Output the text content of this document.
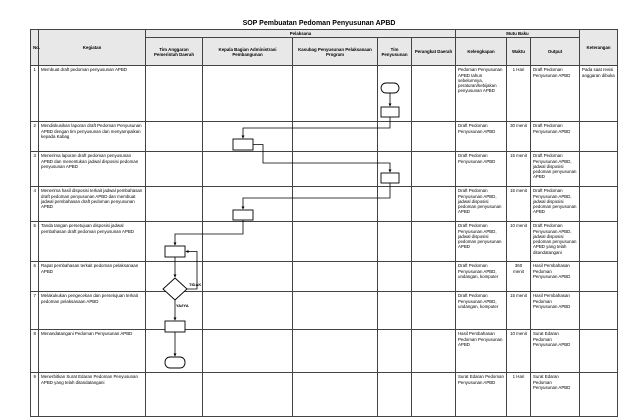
SOP Pembuatan Pedoman Penyusunan APBD
No.	Kegiatan	Pelaksana					Mutu Baku			Keterangan
		Tim Anggaran Pemerintah Daerah	Kepala Bagian Administrasi Pembangunan	Kasubag Penyusunan Pelaksanaan Program	Tim Penyusunan	Perangkat Daerah	Kelengkapan	Waktu	Output	
1	Membuat draft pedoman penyusunan APBD						Pedoman Penyusunan APBD tahun sebelumnya, peraturan/kebijakan penyusunan APBD	1 Hari	Draft Pedoman Penyusunan APBD	Pada saat revisi anggaran dibuka
2	Mendiskusikan laporan draft Pedoman Penyusunan APBD dengan tim penyusunan dan menyampaikan kepada Kabag						Draft Pedoman Penyusunan APBD	30 menit	Draft Pedoman Penyusunan APBD	
3	Menerima laporan draft pedoman penyusunan APBD dan menentukan jadwal disposisi pedoman penyusunan APBD						Draft Pedoman Penyusunan APBD	15 menit	Draft Pedoman Penyusunan APBD, jadwal disposisi pedoman penyusunan APBD	
4	Menerima hasil disposisi terkait jadwal pembahasan draft pedoman penyusunan APBD dan membuat jadwal pembahasan draft pedoman penyusunan APBD						Draft Pedoman Penyusunan APBD, jadwal disposisi pedoman penyusunan APBD	15 menit	Draft Pedoman Penyusunan APBD, jadwal disposisi pedoman penyusunan APBD	
5	Tanda tangan persetujuan disposisi jadwal pembahasan draft pedoman penyusunan APBD						Draft Pedoman Penyusunan APBD, jadwal disposisi pedoman penyusunan APBD	10 menit	Draft Pedoman Penyusunan APBD, jadwal disposisi pedoman penyusunan APBD yang telah ditandatangani	
6	Rapat pembahasan terkait pedoman pelaksanaan APBD						Draft Pedoman Penyusunan APBD, undangan, komputer	360 menit	Hasil Pembahasan Pedoman Penyusunan APBD	
7	Melakukukan pengecekan dan persetujuan terkait pedoman pelaksanaan APBD						Draft Pedoman Penyusunan APBD, undangan, komputer	15 menit	Hasil Pembahasan Pedoman Penyusunan APBD	
8	Menandatangani Pedoman Penyusunan APBD						Hasil Pembahasan Pedoman Penyusunan APBD	10 menit	Surat Edaran Pedoman Penyusunan APBD	
9	Menerbitkan Surat Edaran Pedoman Penyusunan APBD yang telah ditandatangani						Surat Edaran Pedoman Penyusunan APBD	1 Hari	Surat Edaran Pedoman Penyusunan APBD	
TIDAK
YA/IYA
